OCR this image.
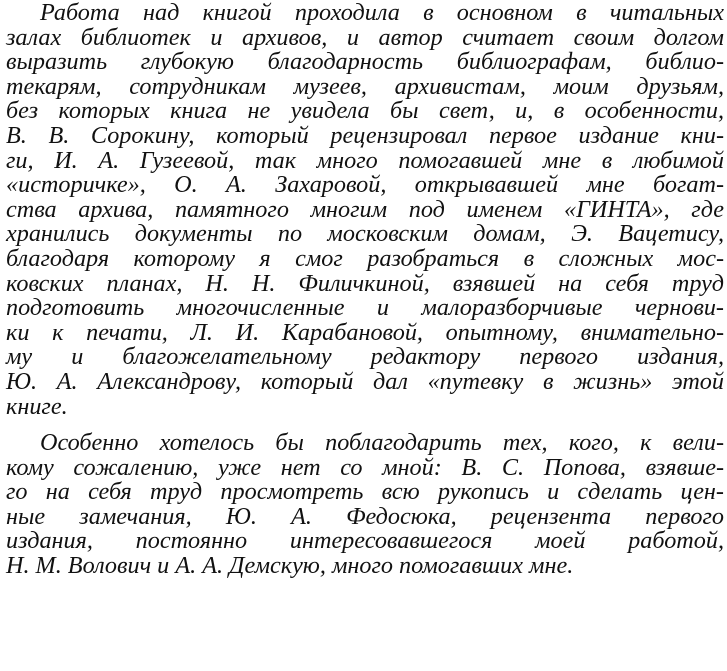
Работа над книгой проходила в основном в читальных
залах библиотек и архивов, и автор считает своим долгом
выразить глубокую благодарность библиографам, библио-
текарям, сотрудникам музеев, архивистам, моим друзьям,
без которых книга не увидела бы свет, и, в особенности,
В. В. Сорокину, который рецензировал первое издание кни-
ги, И. А. Гузеевой, так много помогавшей мне в любимой
«историчке», О. А. Захаровой, открывавшей мне богат-
ства архива, памятного многим под именем «ГИНТА», где
хранились документы по московским домам, Э. Вацетису,
благодаря которому я смог разобраться в сложных мос-
ковских планах, Н. Н. Филичкиной, взявшей на себя труд
подготовить многочисленные и малоразборчивые чернови-
ки к печати, Л. И. Карабановой, опытному, внимательно-
му и благожелательному редактору первого издания,
Ю. А. Александрову, который дал «путевку в жизнь» этой
книге.
Особенно хотелось бы поблагодарить тех, кого, к вели-
кому сожалению, уже нет со мной: В. С. Попова, взявше-
го на себя труд просмотреть всю рукопись и сделать цен-
ные замечания, Ю. А. Федосюка, рецензента первого
издания, постоянно интересовавшегося моей работой,
Н. М. Волович и А. А. Демскую, много помогавших мне.
